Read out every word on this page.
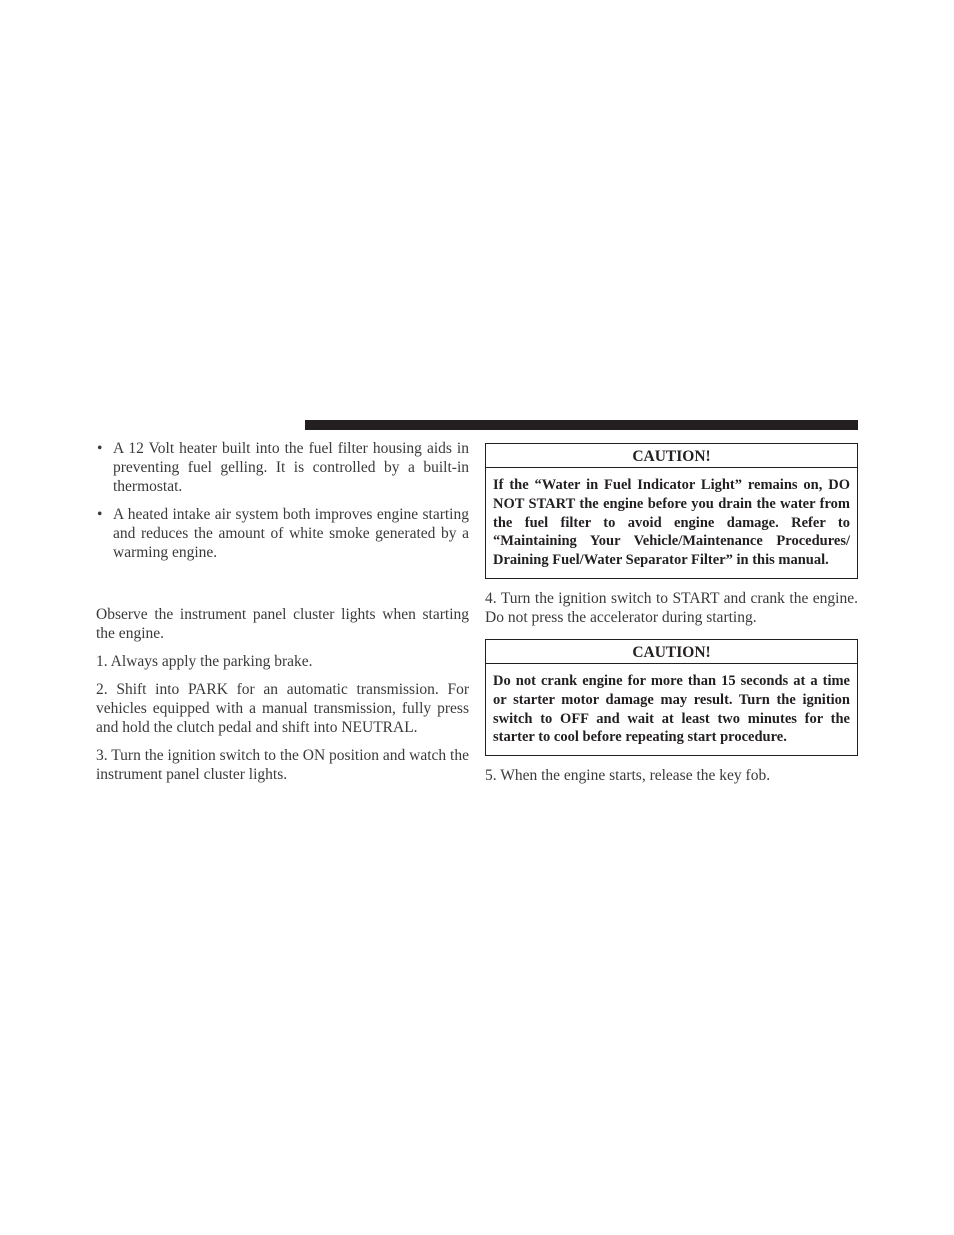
• A 12 Volt heater built into the fuel filter housing aids in preventing fuel gelling. It is controlled by a built-in thermostat.
• A heated intake air system both improves engine starting and reduces the amount of white smoke generated by a warming engine.

Observe the instrument panel cluster lights when starting the engine.

1. Always apply the parking brake.

2. Shift into PARK for an automatic transmission. For vehicles equipped with a manual transmission, fully press and hold the clutch pedal and shift into NEUTRAL.

3. Turn the ignition switch to the ON position and watch the instrument panel cluster lights.

CAUTION!
If the “Water in Fuel Indicator Light” remains on, DO NOT START the engine before you drain the water from the fuel filter to avoid engine damage. Refer to “Maintaining Your Vehicle/Maintenance Procedures/ Draining Fuel/Water Separator Filter” in this manual.

4. Turn the ignition switch to START and crank the engine. Do not press the accelerator during starting.

CAUTION!
Do not crank engine for more than 15 seconds at a time or starter motor damage may result. Turn the ignition switch to OFF and wait at least two minutes for the starter to cool before repeating start procedure.

5. When the engine starts, release the key fob.
